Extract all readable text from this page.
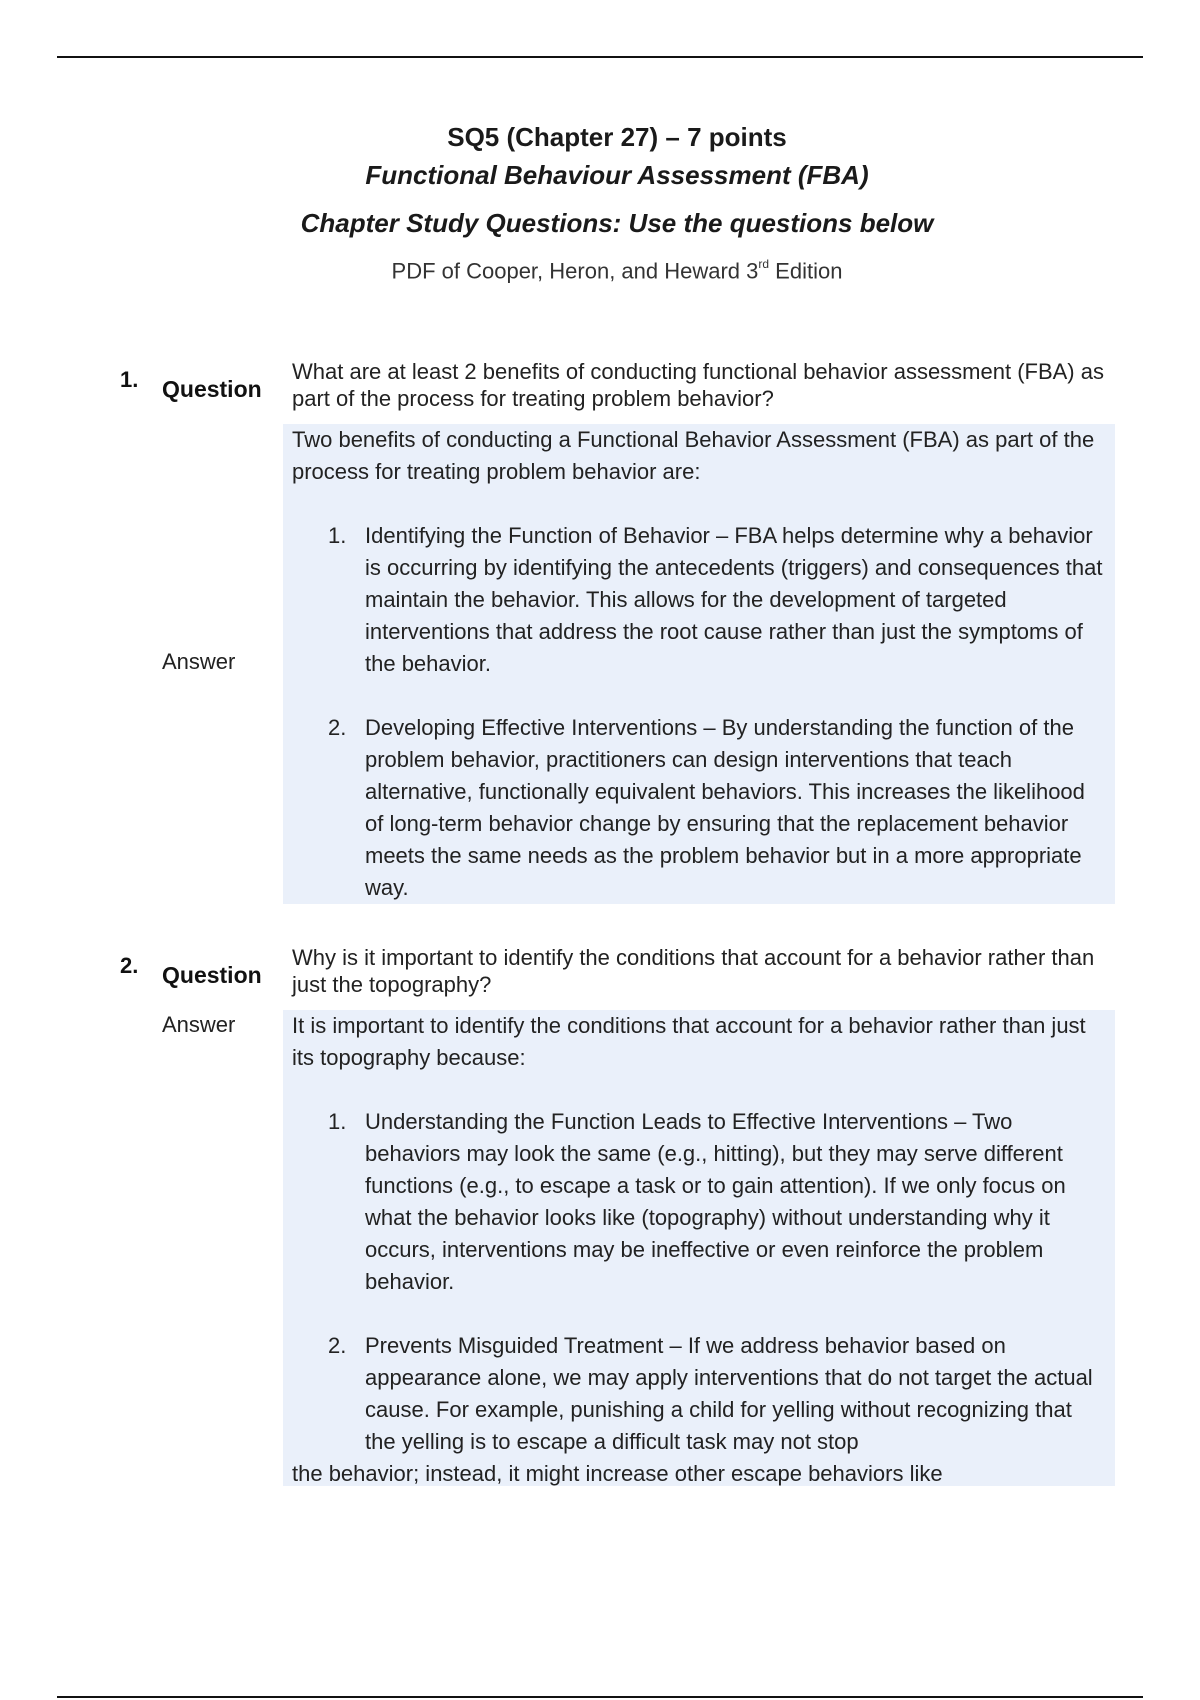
SQ5 (Chapter 27) – 7 points
Functional Behaviour Assessment (FBA)
Chapter Study Questions: Use the questions below
PDF of Cooper, Heron, and Heward 3rd Edition
1. Question
What are at least 2 benefits of conducting functional behavior assessment (FBA) as part of the process for treating problem behavior?
Answer

Two benefits of conducting a Functional Behavior Assessment (FBA) as part of the process for treating problem behavior are:

1. Identifying the Function of Behavior – FBA helps determine why a behavior is occurring by identifying the antecedents (triggers) and consequences that maintain the behavior. This allows for the development of targeted interventions that address the root cause rather than just the symptoms of the behavior.
2. Developing Effective Interventions – By understanding the function of the problem behavior, practitioners can design interventions that teach alternative, functionally equivalent behaviors. This increases the likelihood of long-term behavior change by ensuring that the replacement behavior meets the same needs as the problem behavior but in a more appropriate way.
2. Question
Why is it important to identify the conditions that account for a behavior rather than just the topography?
Answer	It is important to identify the conditions that account for a behavior rather than just its topography because:

1. Understanding the Function Leads to Effective Interventions – Two behaviors may look the same (e.g., hitting), but they may serve different functions (e.g., to escape a task or to gain attention). If we only focus on what the behavior looks like (topography) without understanding why it occurs, interventions may be ineffective or even reinforce the problem behavior.
2. Prevents Misguided Treatment – If we address behavior based on appearance alone, we may apply interventions that do not target the actual cause. For example, punishing a child for yelling without recognizing that the yelling is to escape a difficult task may not stop
the behavior; instead, it might increase other escape behaviors like
